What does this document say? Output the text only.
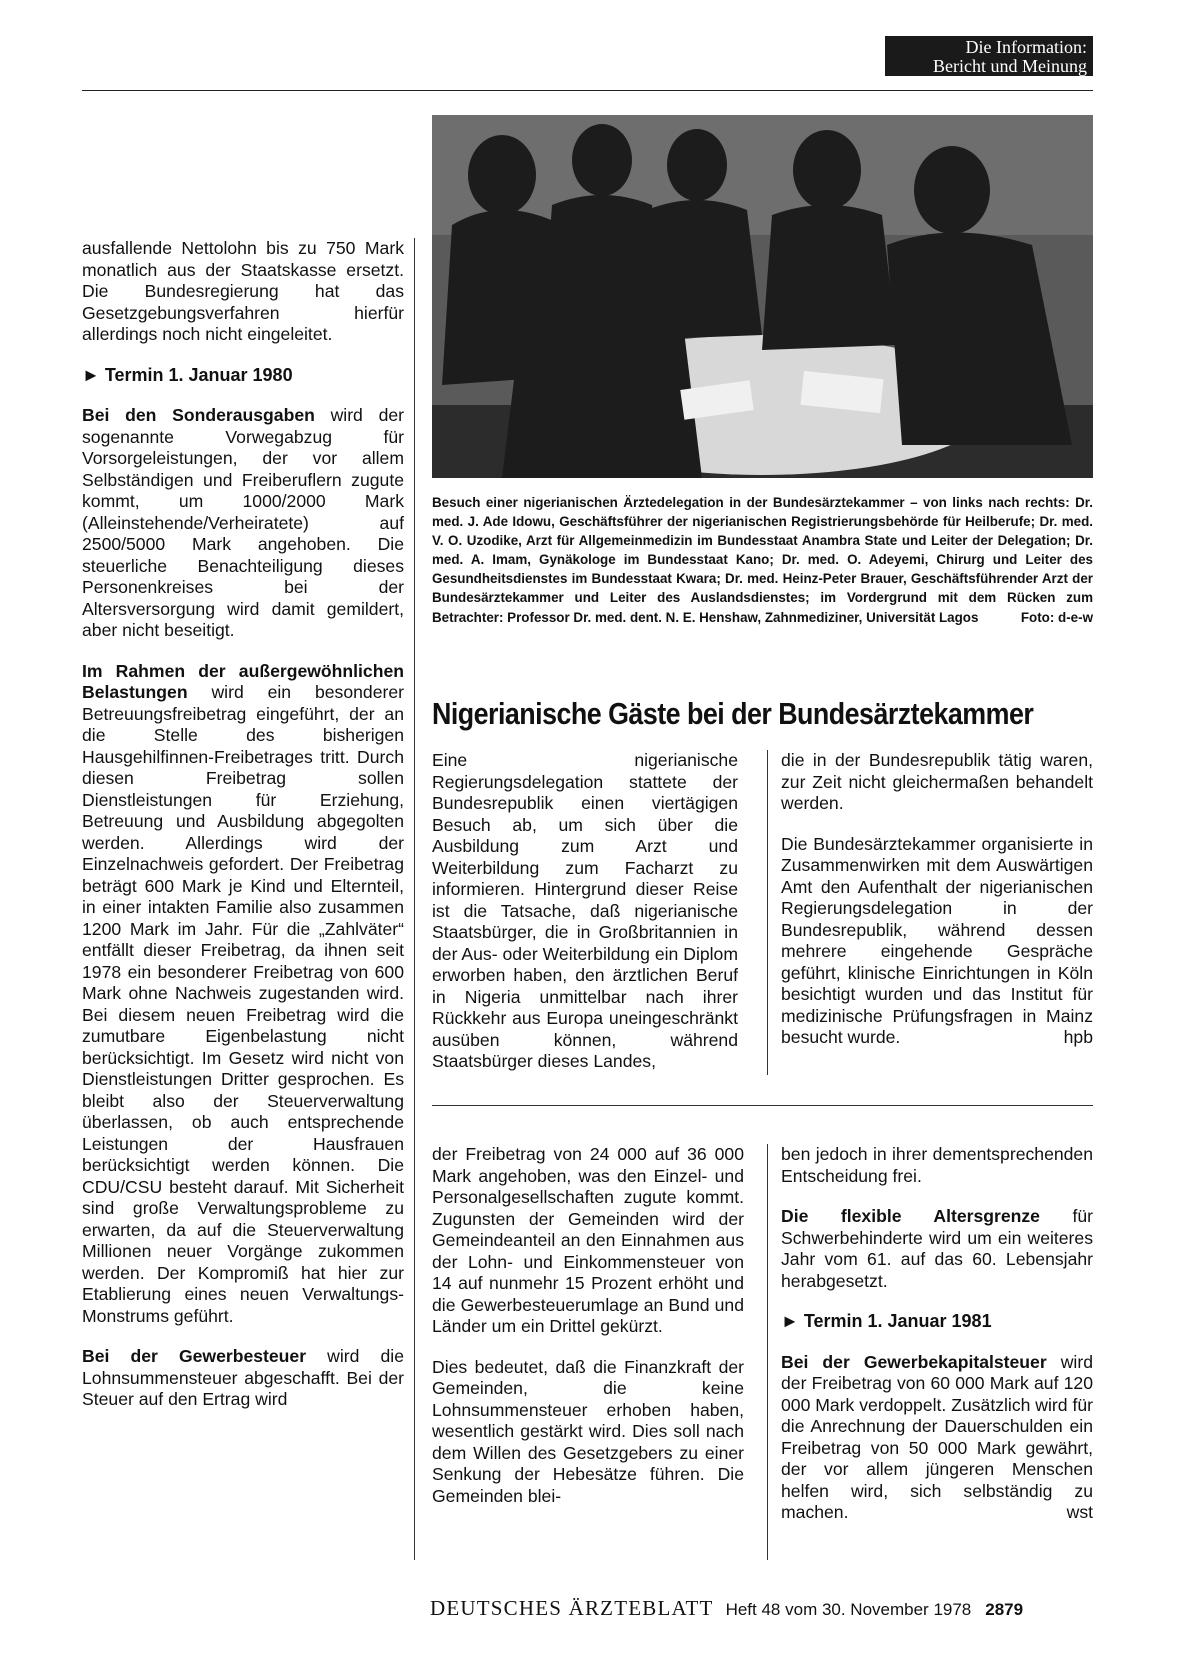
Die Information:
Bericht und Meinung

ausfallende Nettolohn bis zu 750 Mark monatlich aus der Staatskasse ersetzt. Die Bundesregierung hat das Gesetzgebungsverfahren hierfür allerdings noch nicht eingeleitet.

► Termin 1. Januar 1980

Bei den Sonderausgaben wird der sogenannte Vorwegabzug für Vorsorgeleistungen, der vor allem Selbständigen und Freiberuflern zugute kommt, um 1000/2000 Mark (Alleinstehende/Verheiratete) auf 2500/5000 Mark angehoben. Die steuerliche Benachteiligung dieses Personenkreises bei der Altersversorgung wird damit gemildert, aber nicht beseitigt.

Im Rahmen der außergewöhnlichen Belastungen wird ein besonderer Betreuungsfreibetrag eingeführt, der an die Stelle des bisherigen Hausgehilfinnen-Freibetrages tritt. Durch diesen Freibetrag sollen Dienstleistungen für Erziehung, Betreuung und Ausbildung abgegolten werden. Allerdings wird der Einzelnachweis gefordert. Der Freibetrag beträgt 600 Mark je Kind und Elternteil, in einer intakten Familie also zusammen 1200 Mark im Jahr. Für die „Zahlväter“ entfällt dieser Freibetrag, da ihnen seit 1978 ein besonderer Freibetrag von 600 Mark ohne Nachweis zugestanden wird. Bei diesem neuen Freibetrag wird die zumutbare Eigenbelastung nicht berücksichtigt. Im Gesetz wird nicht von Dienstleistungen Dritter gesprochen. Es bleibt also der Steuerverwaltung überlassen, ob auch entsprechende Leistungen der Hausfrauen berücksichtigt werden können. Die CDU/CSU besteht darauf. Mit Sicherheit sind große Verwaltungsprobleme zu erwarten, da auf die Steuerverwaltung Millionen neuer Vorgänge zukommen werden. Der Kompromiß hat hier zur Etablierung eines neuen Verwaltungs-Monstrums geführt.

Bei der Gewerbesteuer wird die Lohnsummensteuer abgeschafft. Bei der Steuer auf den Ertrag wird

Besuch einer nigerianischen Ärztedelegation in der Bundesärztekammer – von links nach rechts: Dr. med. J. Ade Idowu, Geschäftsführer der nigerianischen Registrierungsbehörde für Heilberufe; Dr. med. V. O. Uzodike, Arzt für Allgemeinmedizin im Bundesstaat Anambra State und Leiter der Delegation; Dr. med. A. Imam, Gynäkologe im Bundesstaat Kano; Dr. med. O. Adeyemi, Chirurg und Leiter des Gesundheitsdienstes im Bundesstaat Kwara; Dr. med. Heinz-Peter Brauer, Geschäftsführender Arzt der Bundesärztekammer und Leiter des Auslandsdienstes; im Vordergrund mit dem Rücken zum Betrachter: Professor Dr. med. dent. N. E. Henshaw, Zahnmediziner, Universität Lagos	Foto: d-e-w
Nigerianische Gäste bei der Bundesärztekammer

Eine nigerianische Regierungsdelegation stattete der Bundesrepublik einen viertägigen Besuch ab, um sich über die Ausbildung zum Arzt und Weiterbildung zum Facharzt zu informieren. Hintergrund dieser Reise ist die Tatsache, daß nigerianische Staatsbürger, die in Großbritannien in der Aus- oder Weiterbildung ein Diplom erworben haben, den ärztlichen Beruf in Nigeria unmittelbar nach ihrer Rückkehr aus Europa uneingeschränkt ausüben können, während Staatsbürger dieses Landes,

die in der Bundesrepublik tätig waren, zur Zeit nicht gleichermaßen behandelt werden.

Die Bundesärztekammer organisierte in Zusammenwirken mit dem Auswärtigen Amt den Aufenthalt der nigerianischen Regierungsdelegation in der Bundesrepublik, während dessen mehrere eingehende Gespräche geführt, klinische Einrichtungen in Köln besichtigt wurden und das Institut für medizinische Prüfungsfragen in Mainz besucht wurde.	hpb

der Freibetrag von 24 000 auf 36 000 Mark angehoben, was den Einzel- und Personalgesellschaften zugute kommt. Zugunsten der Gemeinden wird der Gemeindeanteil an den Einnahmen aus der Lohn- und Einkommensteuer von 14 auf nunmehr 15 Prozent erhöht und die Gewerbesteuerumlage an Bund und Länder um ein Drittel gekürzt.

Dies bedeutet, daß die Finanzkraft der Gemeinden, die keine Lohnsummensteuer erhoben haben, wesentlich gestärkt wird. Dies soll nach dem Willen des Gesetzgebers zu einer Senkung der Hebesätze führen. Die Gemeinden blei-

ben jedoch in ihrer dementsprechenden Entscheidung frei.

Die flexible Altersgrenze für Schwerbehinderte wird um ein weiteres Jahr vom 61. auf das 60. Lebensjahr herabgesetzt.

► Termin 1. Januar 1981

Bei der Gewerbekapitalsteuer wird der Freibetrag von 60 000 Mark auf 120 000 Mark verdoppelt. Zusätzlich wird für die Anrechnung der Dauerschulden ein Freibetrag von 50 000 Mark gewährt, der vor allem jüngeren Menschen helfen wird, sich selbständig zu machen.	wst

DEUTSCHES ÄRZTEBLATT Heft 48 vom 30. November 1978 2879
